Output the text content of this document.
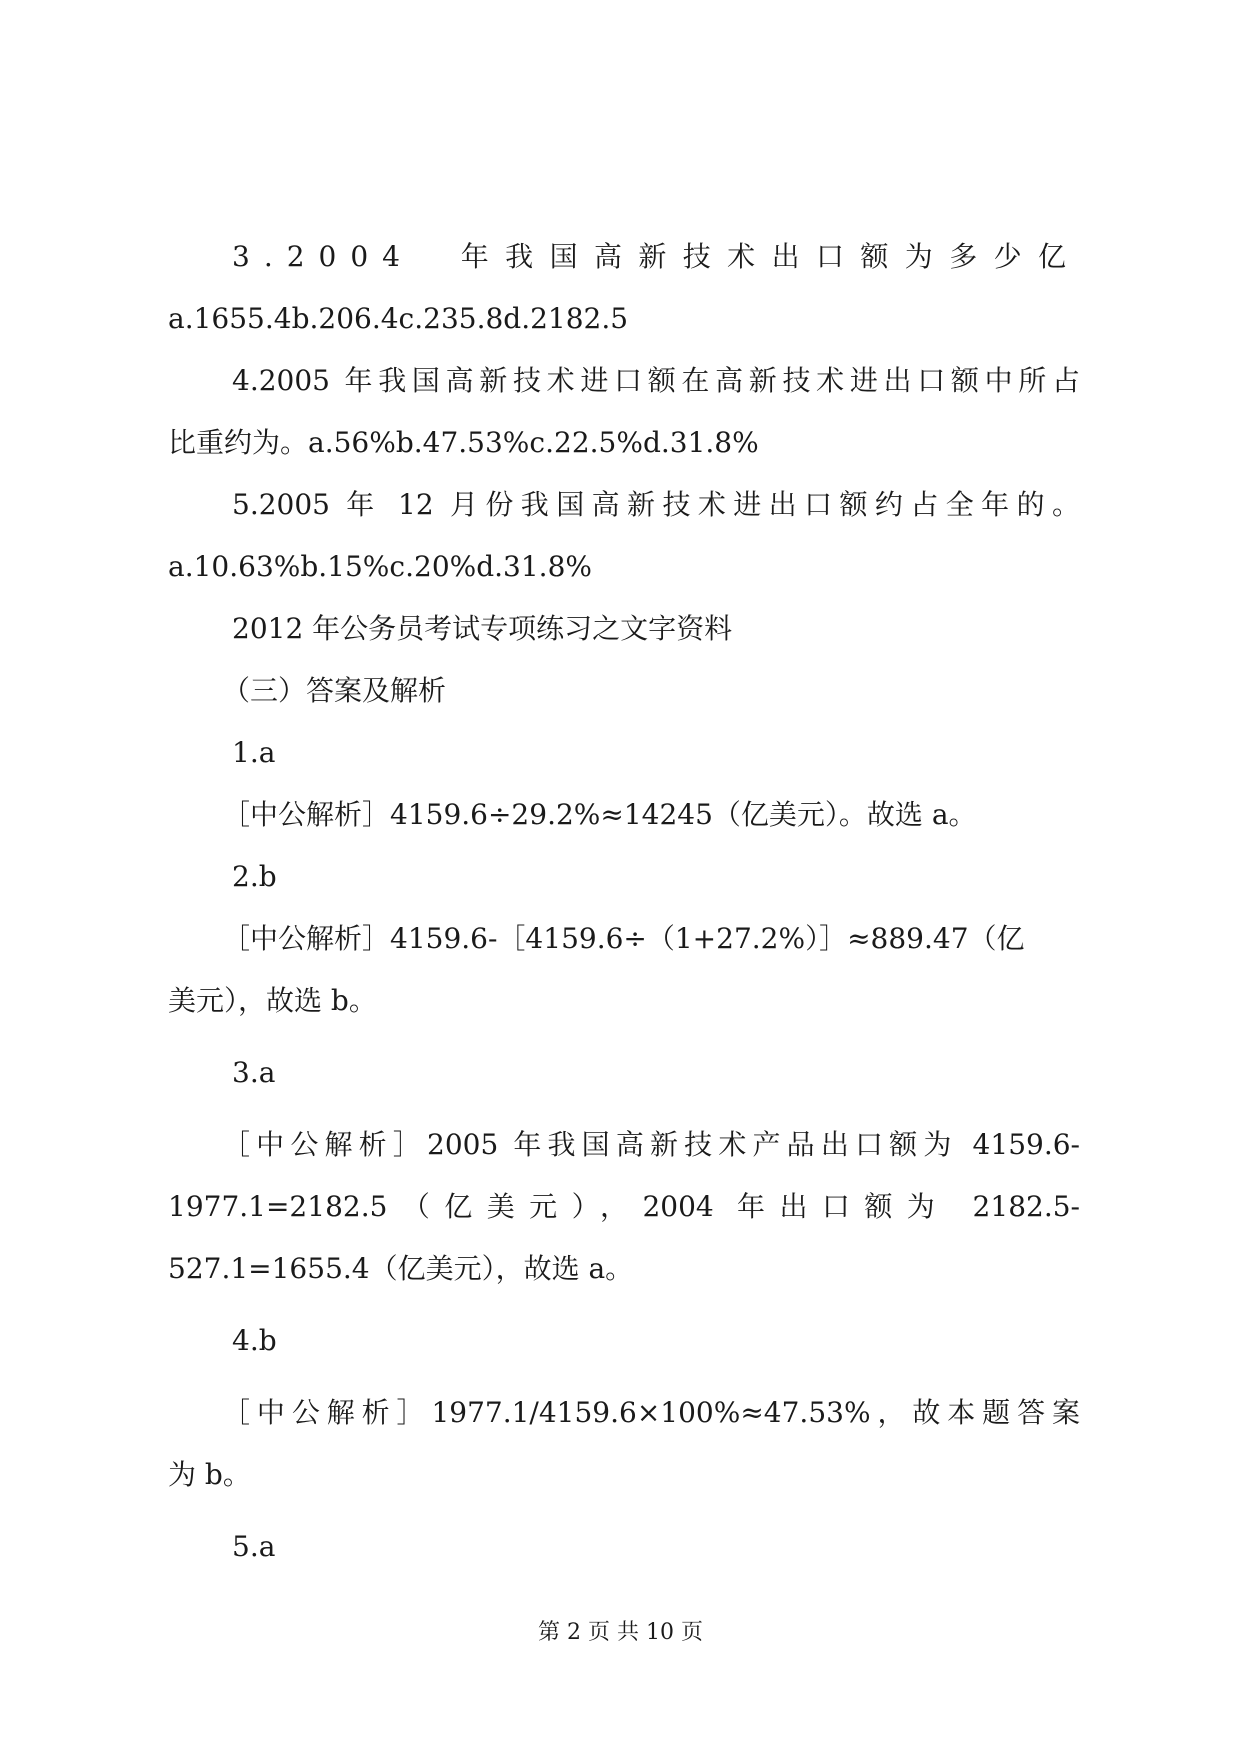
3.2004　年我国高新技术出口额为多少亿
a.1655.4b.206.4c.235.8d.2182.5
4.2005 年我国高新技术进口额在高新技术进出口额中所占
比重约为。a.56%b.47.53%c.22.5%d.31.8%
5.2005 年 12 月份我国高新技术进出口额约占全年的。
a.10.63%b.15%c.20%d.31.8%
2012 年公务员考试专项练习之文字资料
（三）答案及解析
1.a
［中公解析］4159.6÷29.2%≈14245（亿美元）。故选 a。
2.b
［中公解析］4159.6-［4159.6÷（1+27.2%）］≈889.47（亿
美元），故选 b。
3.a
［中公解析］2005 年我国高新技术产品出口额为 4159.6-
1977.1=2182.5（亿美元），2004 年出口额为 2182.5-
527.1=1655.4（亿美元），故选 a。
4.b
［中公解析］1977.1/4159.6×100%≈47.53%，故本题答案
为 b。
5.a
第 2 页 共 10 页
